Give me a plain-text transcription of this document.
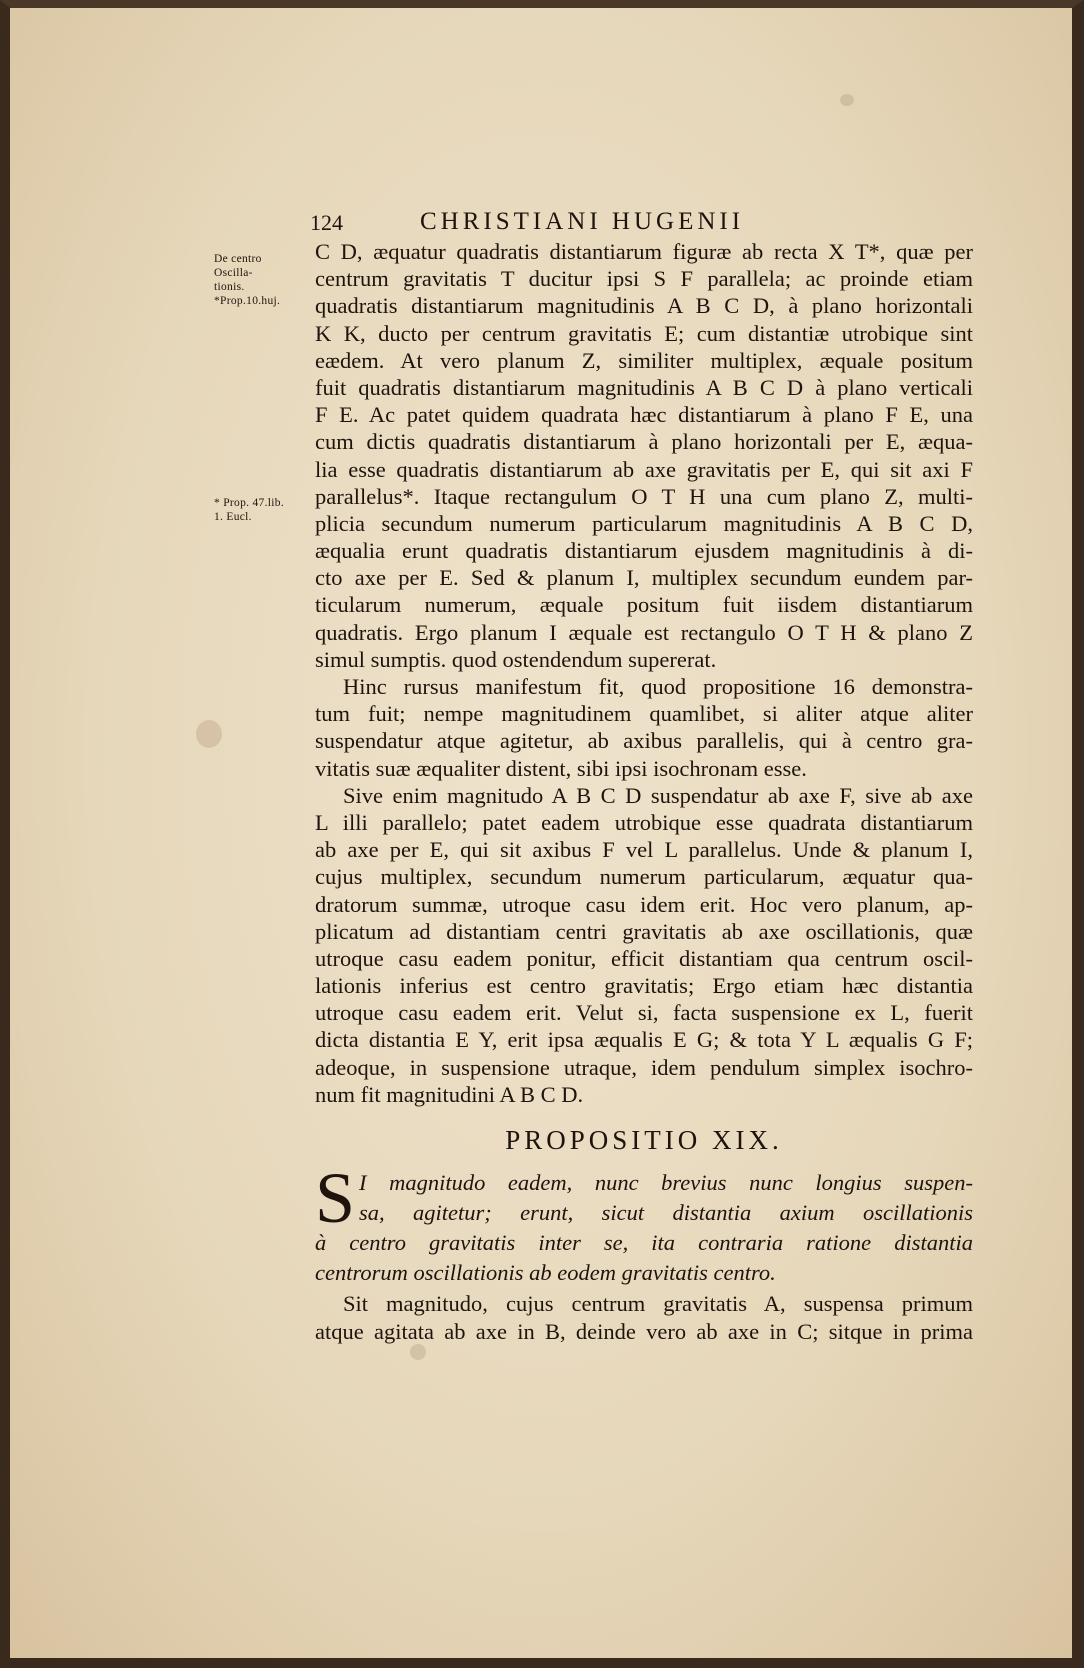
124	CHRISTIANI HUGENII
De centro
Oscilla-
tionis.
*Prop.10.huj.
* Prop. 47.lib.
1. Eucl.
C D, æquatur quadratis distantiarum figuræ ab recta X T*, quæ per
centrum gravitatis T ducitur ipsi S F parallela; ac proinde etiam
quadratis distantiarum magnitudinis A B C D, à plano horizontali
K K, ducto per centrum gravitatis E; cum distantiæ utrobique sint
eædem. At vero planum Z, similiter multiplex, æquale positum
fuit quadratis distantiarum magnitudinis A B C D à plano verticali
F E. Ac patet quidem quadrata hæc distantiarum à plano F E, una
cum dictis quadratis distantiarum à plano horizontali per E, æqua-
lia esse quadratis distantiarum ab axe gravitatis per E, qui sit axi F
parallelus*. Itaque rectangulum O T H una cum plano Z, multi-
plicia secundum numerum particularum magnitudinis A B C D,
æqualia erunt quadratis distantiarum ejusdem magnitudinis à di-
cto axe per E. Sed & planum I, multiplex secundum eundem par-
ticularum numerum, æquale positum fuit iisdem distantiarum
quadratis. Ergo planum I æquale est rectangulo O T H & plano Z
simul sumptis. quod ostendendum supererat.
Hinc rursus manifestum fit, quod propositione 16 demonstra-
tum fuit; nempe magnitudinem quamlibet, si aliter atque aliter
suspendatur atque agitetur, ab axibus parallelis, qui à centro gra-
vitatis suæ æqualiter distent, sibi ipsi isochronam esse.
Sive enim magnitudo A B C D suspendatur ab axe F, sive ab axe
L illi parallelo; patet eadem utrobique esse quadrata distantiarum
ab axe per E, qui sit axibus F vel L parallelus. Unde & planum I,
cujus multiplex, secundum numerum particularum, æquatur qua-
dratorum summæ, utroque casu idem erit. Hoc vero planum, ap-
plicatum ad distantiam centri gravitatis ab axe oscillationis, quæ
utroque casu eadem ponitur, efficit distantiam qua centrum oscil-
lationis inferius est centro gravitatis; Ergo etiam hæc distantia
utroque casu eadem erit. Velut si, facta suspensione ex L, fuerit
dicta distantia E Y, erit ipsa æqualis E G; & tota Y L æqualis G F;
adeoque, in suspensione utraque, idem pendulum simplex isochro-
num fit magnitudini A B C D.
PROPOSITIO XIX.
S I magnitudo eadem, nunc brevius nunc longius suspen-
sa, agitetur; erunt, sicut distantia axium oscillationis
à centro gravitatis inter se, ita contraria ratione distantia
centrorum oscillationis ab eodem gravitatis centro.
Sit magnitudo, cujus centrum gravitatis A, suspensa primum
atque agitata ab axe in B, deinde vero ab axe in C; sitque in prima
